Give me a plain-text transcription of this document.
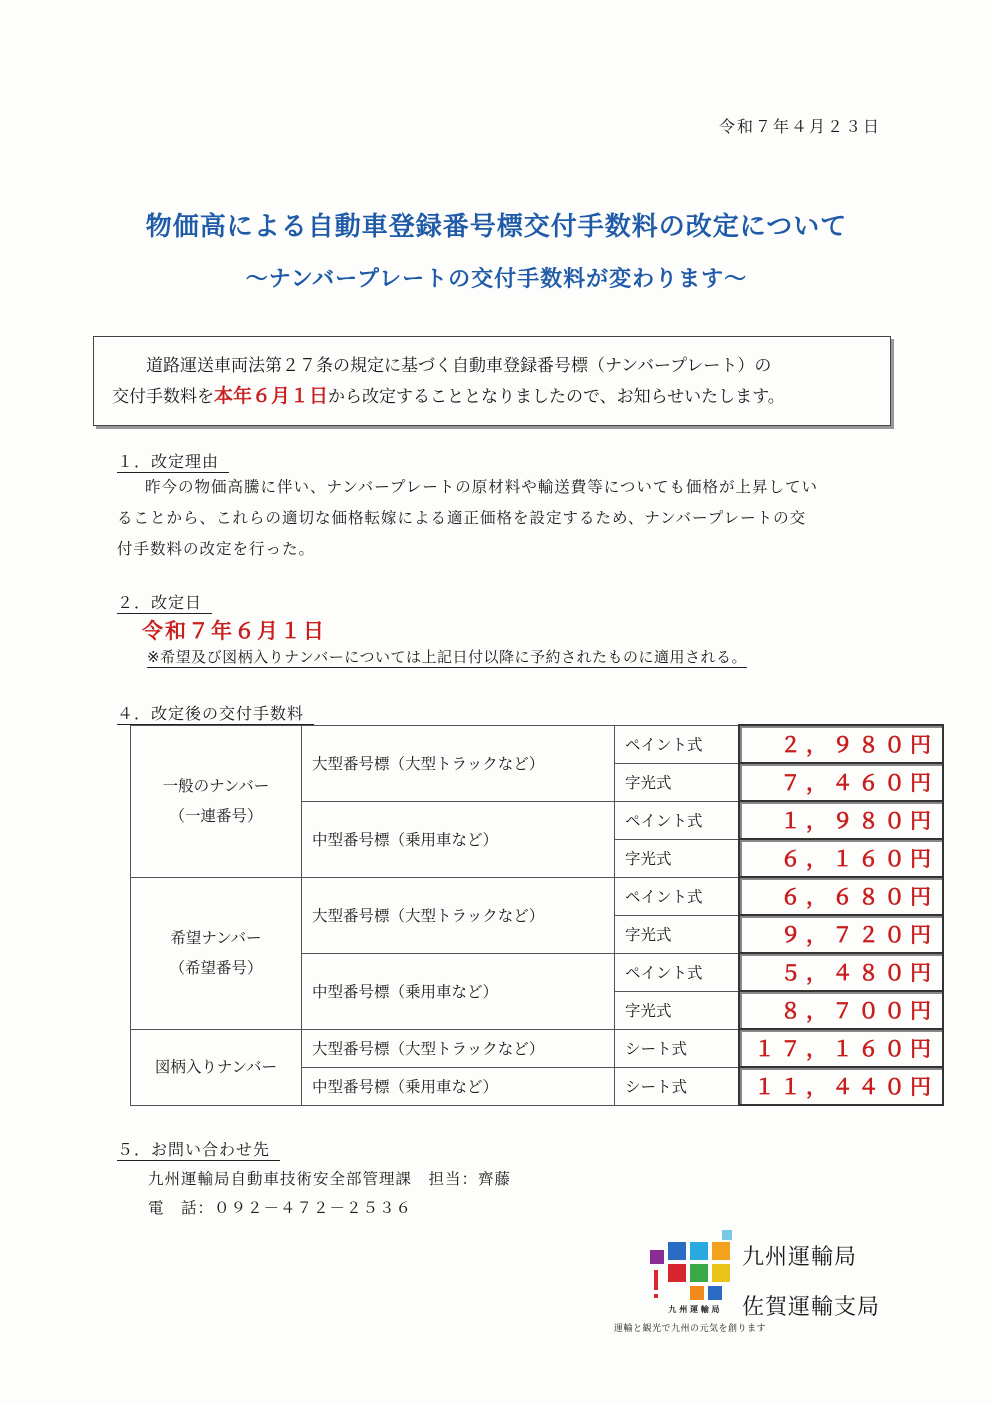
令和７年４月２３日
物価高による自動車登録番号標交付手数料の改定について
～ナンバープレートの交付手数料が変わります～
道路運送車両法第２７条の規定に基づく自動車登録番号標（ナンバープレート）の
交付手数料を本年６月１日から改定することとなりましたので、お知らせいたします。
１．改定理由
昨今の物価高騰に伴い、ナンバープレートの原材料や輸送費等についても価格が上昇してい
ることから、これらの適切な価格転嫁による適正価格を設定するため、ナンバープレートの交
付手数料の改定を行った。
２．改定日
令和７年６月１日
※希望及び図柄入りナンバーについては上記日付以降に予約されたものに適用される。
４．改定後の交付手数料
一般のナンバー
（一連番号）	大型番号標（大型トラックなど）	ペイント式	２，９８０円
		字光式	７，４６０円
	中型番号標（乗用車など）	ペイント式	１，９８０円
		字光式	６，１６０円

希望ナンバー
（希望番号）	大型番号標（大型トラックなど）	ペイント式	６，６８０円
		字光式	９，７２０円
	中型番号標（乗用車など）	ペイント式	５，４８０円
		字光式	８，７００円
図柄入りナンバー	大型番号標（大型トラックなど）	シート式	１７，１６０円
	中型番号標（乗用車など）	シート式	１１，４４０円
５．お問い合わせ先
九州運輸局自動車技術安全部管理課　担当：齊藤
電　話：０９２－４７２－２５３６
九 州 運 輸 局
運輸と観光で九州の元気を創ります
九州運輸局
佐賀運輸支局
